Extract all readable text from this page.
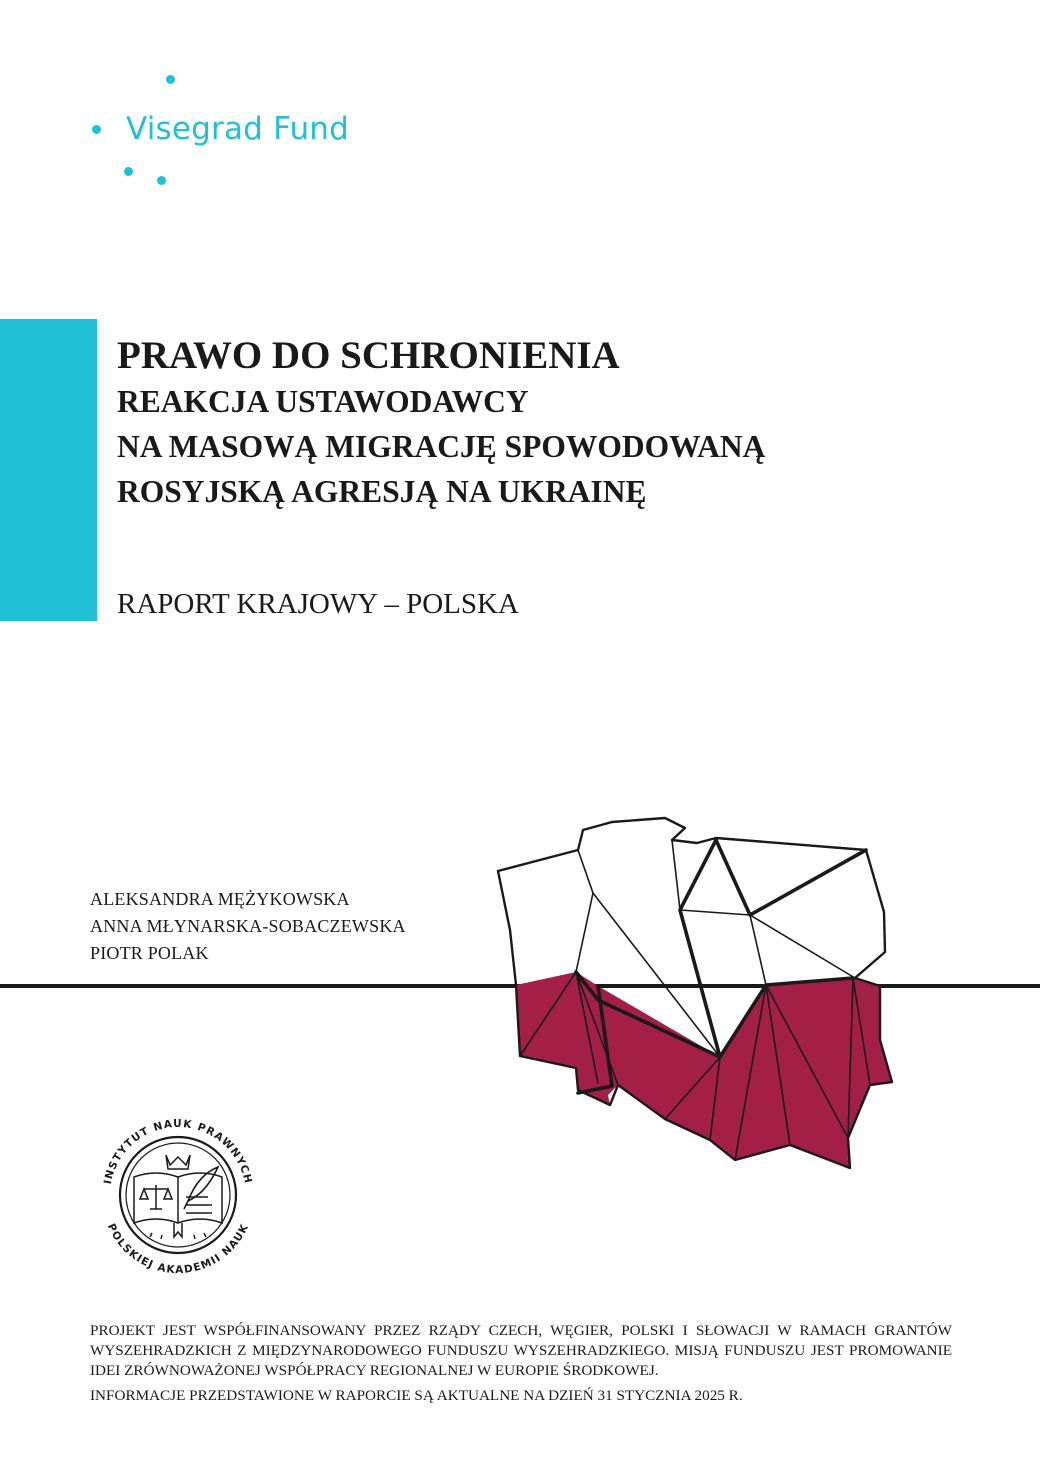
Visegrad Fund
PRAWO DO SCHRONIENIA
REAKCJA USTAWODAWCY
NA MASOWĄ MIGRACJĘ SPOWODOWANĄ
ROSYJSKĄ AGRESJĄ NA UKRAINĘ

RAPORT KRAJOWY – POLSKA

ALEKSANDRA MĘŻYKOWSKA
ANNA MŁYNARSKA-SOBACZEWSKA
PIOTR POLAK
INSTYTUT NAUK PRAWNYCH
POLSKIEJ AKADEMII NAUK

PROJEKT JEST WSPÓŁFINANSOWANY PRZEZ RZĄDY CZECH, WĘGIER, POLSKI I SŁOWACJI W RAMACH GRANTÓW WYSZEHRADZKICH Z MIĘDZYNARODOWEGO FUNDUSZU WYSZEHRADZKIEGO. MISJĄ FUNDUSZU JEST PROMOWANIE IDEI ZRÓWNOWAŻONEJ WSPÓŁPRACY REGIONALNEJ W EUROPIE ŚRODKOWEJ.

INFORMACJE PRZEDSTAWIONE W RAPORCIE SĄ AKTUALNE NA DZIEŃ 31 STYCZNIA 2025 R.
